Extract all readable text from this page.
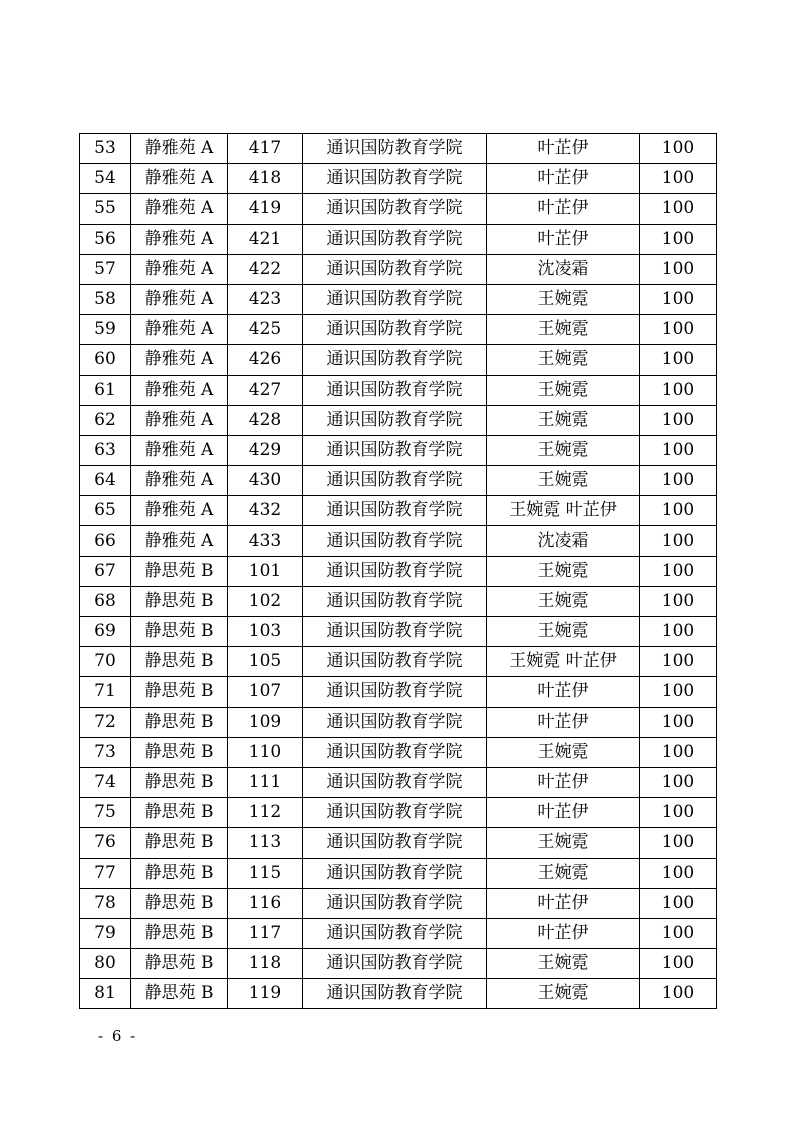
53	静雅苑 A	417	通识国防教育学院	叶芷伊	100
54	静雅苑 A	418	通识国防教育学院	叶芷伊	100
55	静雅苑 A	419	通识国防教育学院	叶芷伊	100
56	静雅苑 A	421	通识国防教育学院	叶芷伊	100
57	静雅苑 A	422	通识国防教育学院	沈凌霜	100
58	静雅苑 A	423	通识国防教育学院	王婉霓	100
59	静雅苑 A	425	通识国防教育学院	王婉霓	100
60	静雅苑 A	426	通识国防教育学院	王婉霓	100
61	静雅苑 A	427	通识国防教育学院	王婉霓	100
62	静雅苑 A	428	通识国防教育学院	王婉霓	100
63	静雅苑 A	429	通识国防教育学院	王婉霓	100
64	静雅苑 A	430	通识国防教育学院	王婉霓	100
65	静雅苑 A	432	通识国防教育学院	王婉霓 叶芷伊	100
66	静雅苑 A	433	通识国防教育学院	沈凌霜	100
67	静思苑 B	101	通识国防教育学院	王婉霓	100
68	静思苑 B	102	通识国防教育学院	王婉霓	100
69	静思苑 B	103	通识国防教育学院	王婉霓	100
70	静思苑 B	105	通识国防教育学院	王婉霓 叶芷伊	100
71	静思苑 B	107	通识国防教育学院	叶芷伊	100
72	静思苑 B	109	通识国防教育学院	叶芷伊	100
73	静思苑 B	110	通识国防教育学院	王婉霓	100
74	静思苑 B	111	通识国防教育学院	叶芷伊	100
75	静思苑 B	112	通识国防教育学院	叶芷伊	100
76	静思苑 B	113	通识国防教育学院	王婉霓	100
77	静思苑 B	115	通识国防教育学院	王婉霓	100
78	静思苑 B	116	通识国防教育学院	叶芷伊	100
79	静思苑 B	117	通识国防教育学院	叶芷伊	100
80	静思苑 B	118	通识国防教育学院	王婉霓	100
81	静思苑 B	119	通识国防教育学院	王婉霓	100
- 6 -
